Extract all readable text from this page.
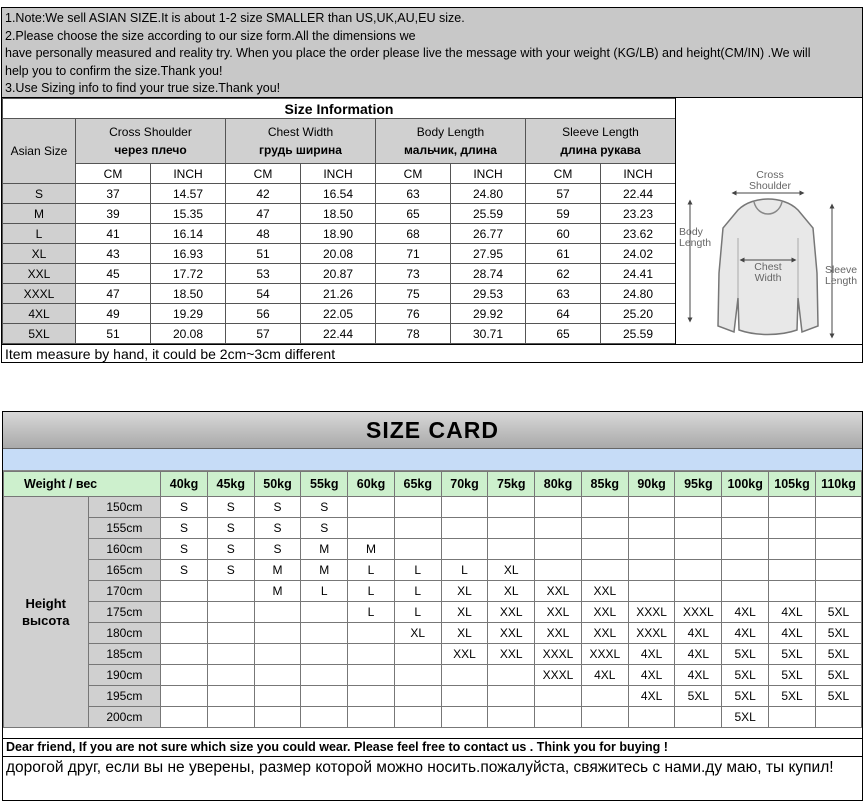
1.Note:We sell ASIAN SIZE.It is about 1-2 size SMALLER than US,UK,AU,EU size.
2.Please choose the size according to our size form.All the dimensions we
have personally measured and reality try. When you place the order please live the message with your weight (KG/LB) and height(CM/IN) .We will
help you to confirm the size.Thank you!
3.Use Sizing info to find your true size.Thank you!
Size Information								
Asian Size	Cross Shoulder
через плечо		Chest Width
грудь ширина		Body Length
мальчик, длина		Sleeve Length
длина рукава	

	CM	INCH	CM	INCH	CM	INCH	CM	INCH
S	37	14.57	42	16.54	63	24.80	57	22.44
M	39	15.35	47	18.50	65	25.59	59	23.23
L	41	16.14	48	18.90	68	26.77	60	23.62
XL	43	16.93	51	20.08	71	27.95	61	24.02
XXL	45	17.72	53	20.87	73	28.74	62	24.41
XXXL	47	18.50	54	21.26	75	29.53	63	24.80
4XL	49	19.29	56	22.05	76	29.92	64	25.20
5XL	51	20.08	57	22.44	78	30.71	65	25.59
Cross
Shoulder
Body
Length
Chest
Width
Sleeve
Length
Item measure by hand, it could be 2cm~3cm different
SIZE CARD
Weight / вес		40kg	45kg	50kg	55kg	60kg	65kg	70kg	75kg	80kg	85kg	90kg	95kg	100kg	105kg	110kg

Height
высота	150cm	S	S	S	S											
	155cm	S	S	S	S											
	160cm	S	S	S	M	M										
	165cm	S	S	M	M	L	L	L	XL							
	170cm			M	L	L	L	XL	XL	XXL	XXL					
	175cm					L	L	XL	XXL	XXL	XXL	XXXL	XXXL	4XL	4XL	5XL
	180cm						XL	XL	XXL	XXL	XXL	XXXL	4XL	4XL	4XL	5XL
	185cm							XXL	XXL	XXXL	XXXL	4XL	4XL	5XL	5XL	5XL
	190cm									XXXL	4XL	4XL	4XL	5XL	5XL	5XL
	195cm											4XL	5XL	5XL	5XL	5XL
	200cm													5XL		
Dear friend, If you are not sure which size you could wear. Please feel free to contact us . Think you for buying !
дорогой друг, если вы не уверены, размер которой можно носить.пожалуйста, свяжитесь с нами.ду маю, ты купил!
